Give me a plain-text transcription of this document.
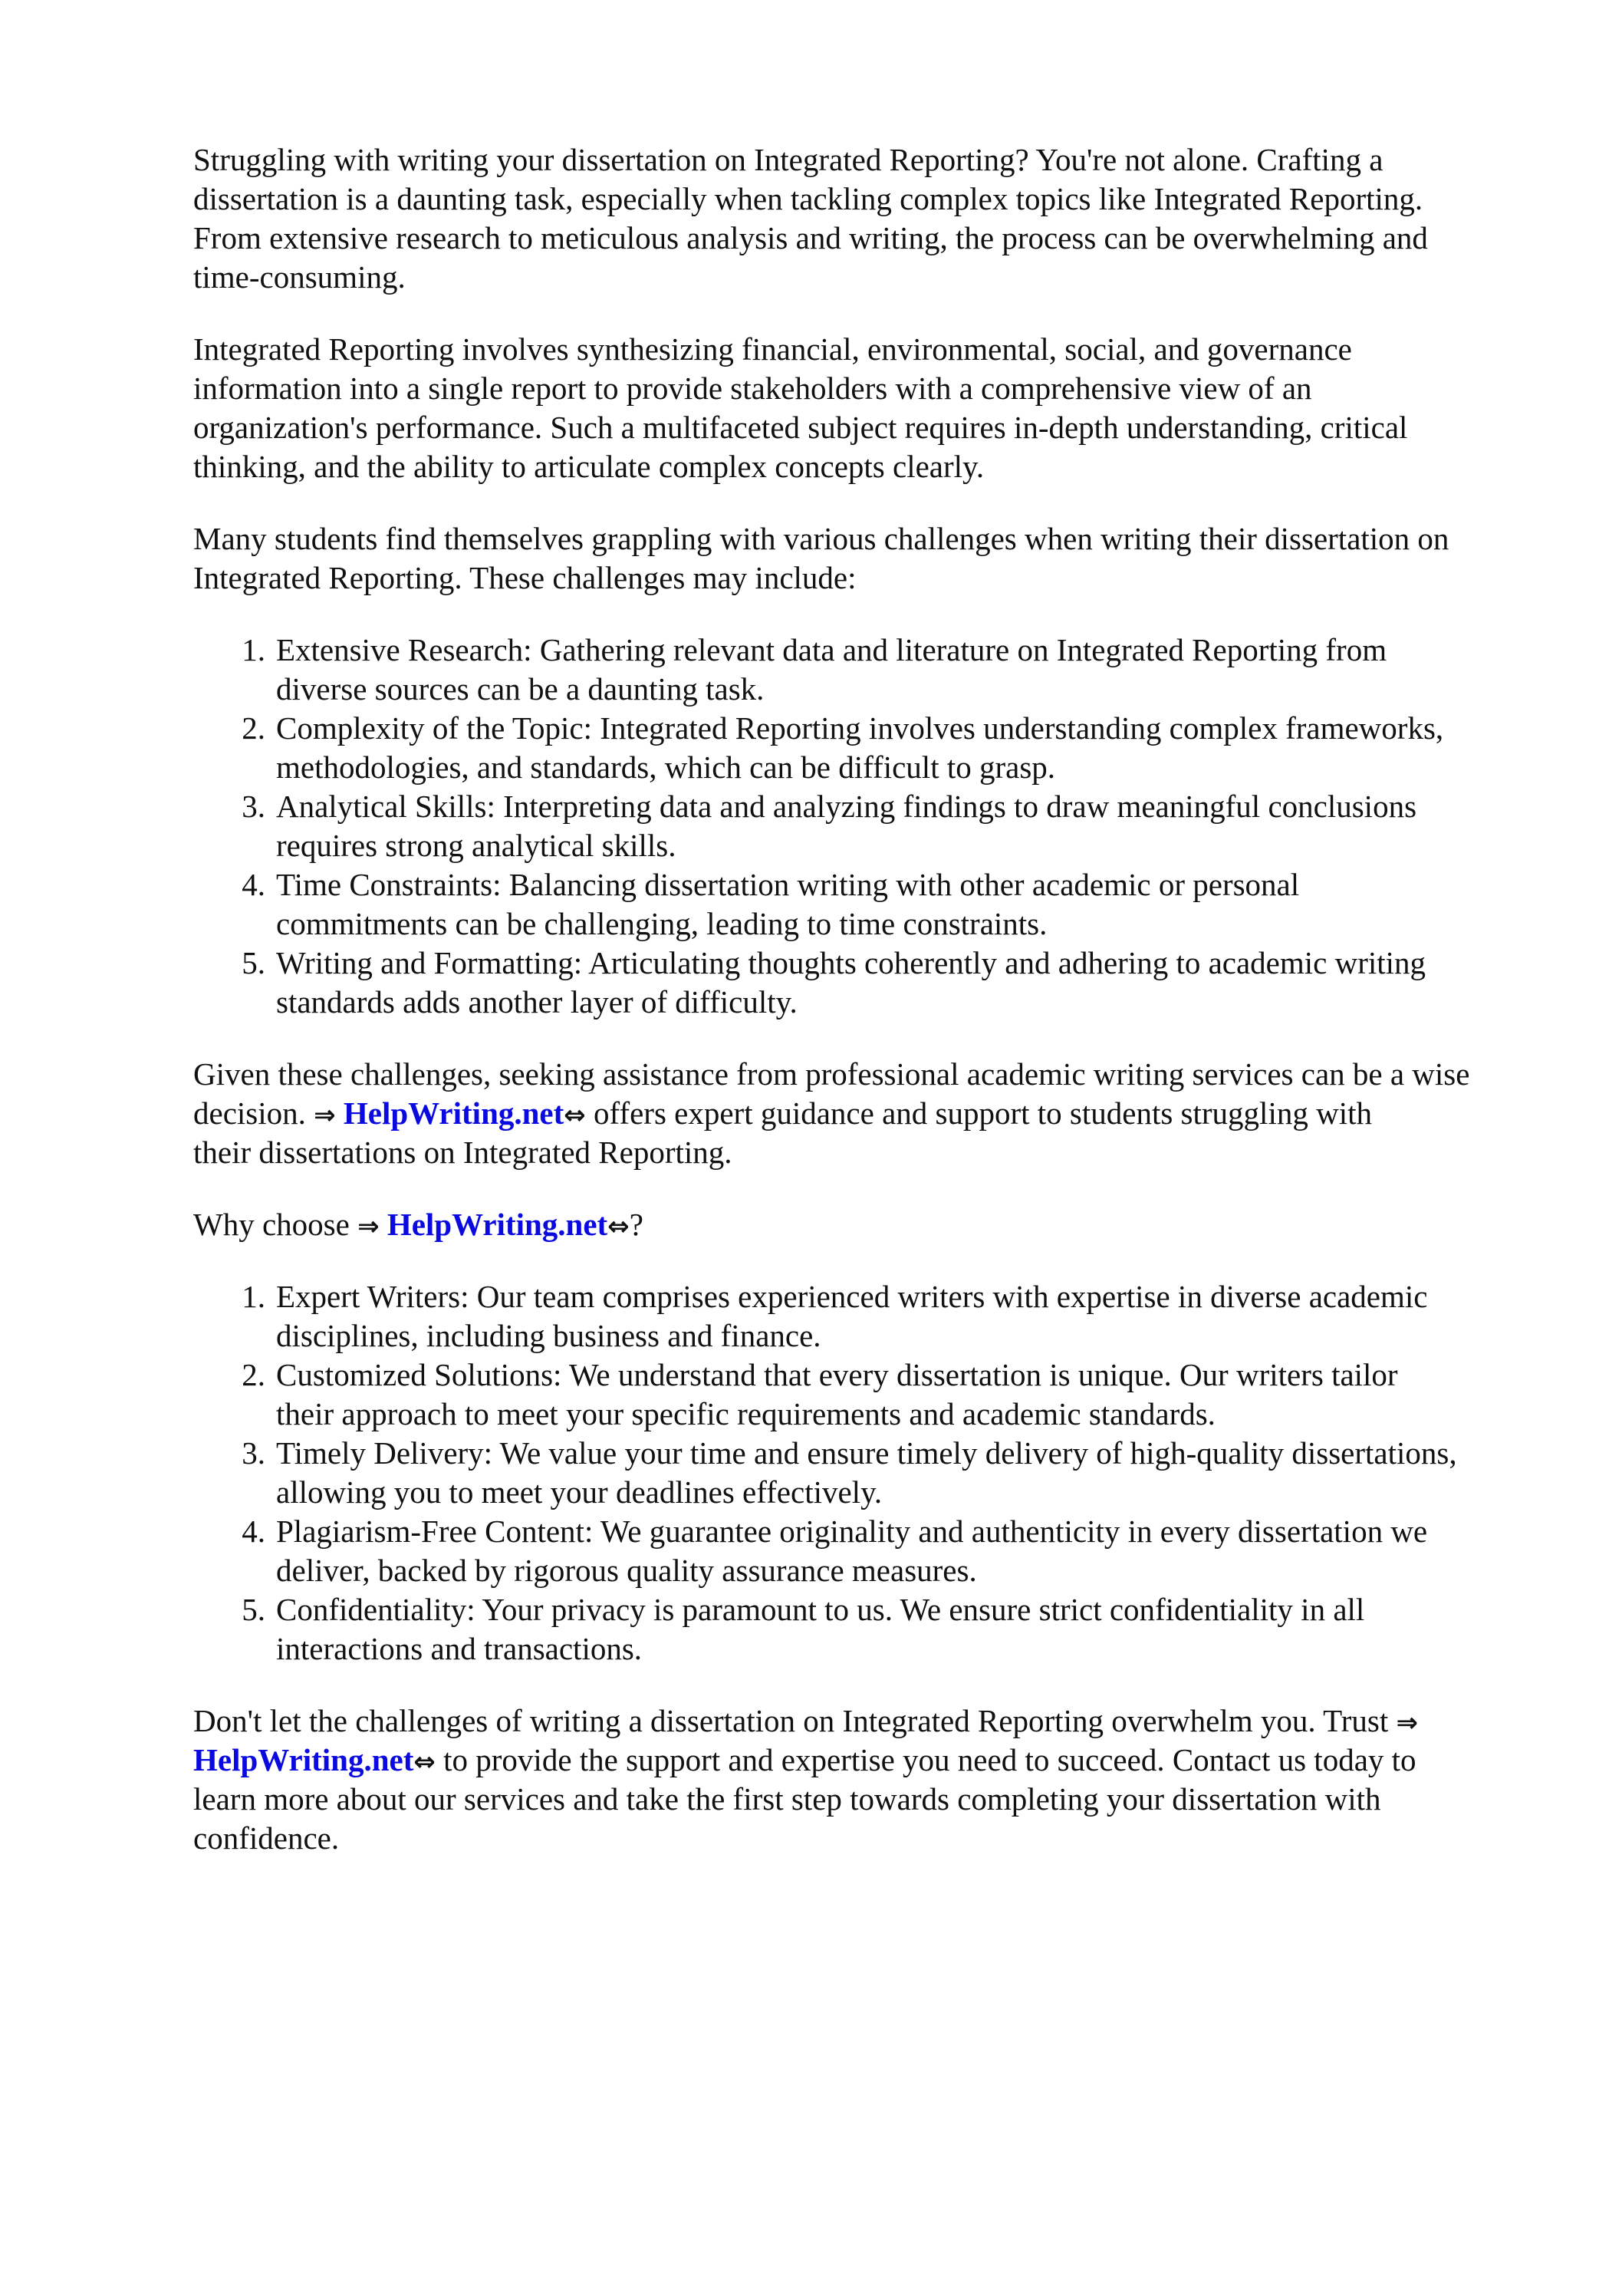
Struggling with writing your dissertation on Integrated Reporting? You're not alone. Crafting a
dissertation is a daunting task, especially when tackling complex topics like Integrated Reporting.
From extensive research to meticulous analysis and writing, the process can be overwhelming and
time-consuming.
Integrated Reporting involves synthesizing financial, environmental, social, and governance
information into a single report to provide stakeholders with a comprehensive view of an
organization's performance. Such a multifaceted subject requires in-depth understanding, critical
thinking, and the ability to articulate complex concepts clearly.
Many students find themselves grappling with various challenges when writing their dissertation on
Integrated Reporting. These challenges may include:
1. Extensive Research: Gathering relevant data and literature on Integrated Reporting from
diverse sources can be a daunting task.
2. Complexity of the Topic: Integrated Reporting involves understanding complex frameworks,
methodologies, and standards, which can be difficult to grasp.
3. Analytical Skills: Interpreting data and analyzing findings to draw meaningful conclusions
requires strong analytical skills.
4. Time Constraints: Balancing dissertation writing with other academic or personal
commitments can be challenging, leading to time constraints.
5. Writing and Formatting: Articulating thoughts coherently and adhering to academic writing
standards adds another layer of difficulty.
Given these challenges, seeking assistance from professional academic writing services can be a wise
decision. ⇒ HelpWriting.net⇔ offers expert guidance and support to students struggling with
their dissertations on Integrated Reporting.
Why choose ⇒ HelpWriting.net⇔?
1. Expert Writers: Our team comprises experienced writers with expertise in diverse academic
disciplines, including business and finance.
2. Customized Solutions: We understand that every dissertation is unique. Our writers tailor
their approach to meet your specific requirements and academic standards.
3. Timely Delivery: We value your time and ensure timely delivery of high-quality dissertations,
allowing you to meet your deadlines effectively.
4. Plagiarism-Free Content: We guarantee originality and authenticity in every dissertation we
deliver, backed by rigorous quality assurance measures.
5. Confidentiality: Your privacy is paramount to us. We ensure strict confidentiality in all
interactions and transactions.
Don't let the challenges of writing a dissertation on Integrated Reporting overwhelm you. Trust ⇒
HelpWriting.net⇔ to provide the support and expertise you need to succeed. Contact us today to
learn more about our services and take the first step towards completing your dissertation with
confidence.
